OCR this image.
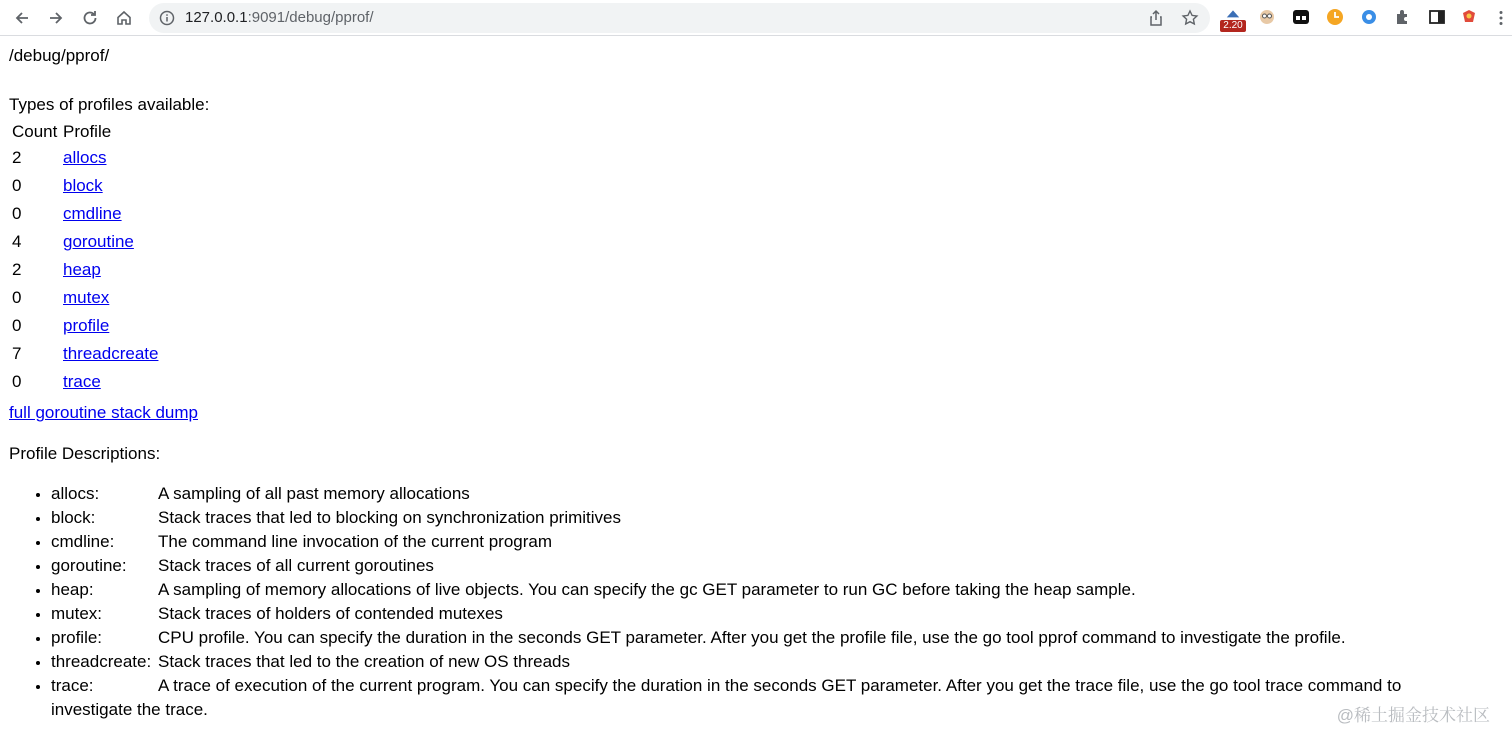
127.0.0.1:9091/debug/pprof/	2.20
/debug/pprof/
Types of profiles available:
Count	Profile
2	allocs
0	block
0	cmdline
4	goroutine
2	heap
0	mutex
0	profile
7	threadcreate
0	trace
full goroutine stack dump
Profile Descriptions:
• allocs:	A sampling of all past memory allocations
• block:	Stack traces that led to blocking on synchronization primitives
• cmdline:	The command line invocation of the current program
• goroutine:	Stack traces of all current goroutines
• heap:	A sampling of memory allocations of live objects. You can specify the gc GET parameter to run GC before taking the heap sample.
• mutex:	Stack traces of holders of contended mutexes
• profile:	CPU profile. You can specify the duration in the seconds GET parameter. After you get the profile file, use the go tool pprof command to investigate the profile.
• threadcreate: Stack traces that led to the creation of new OS threads
• trace:	A trace of execution of the current program. You can specify the duration in the seconds GET parameter. After you get the trace file, use the go tool trace command to
investigate the trace.	@稀土掘金技术社区
